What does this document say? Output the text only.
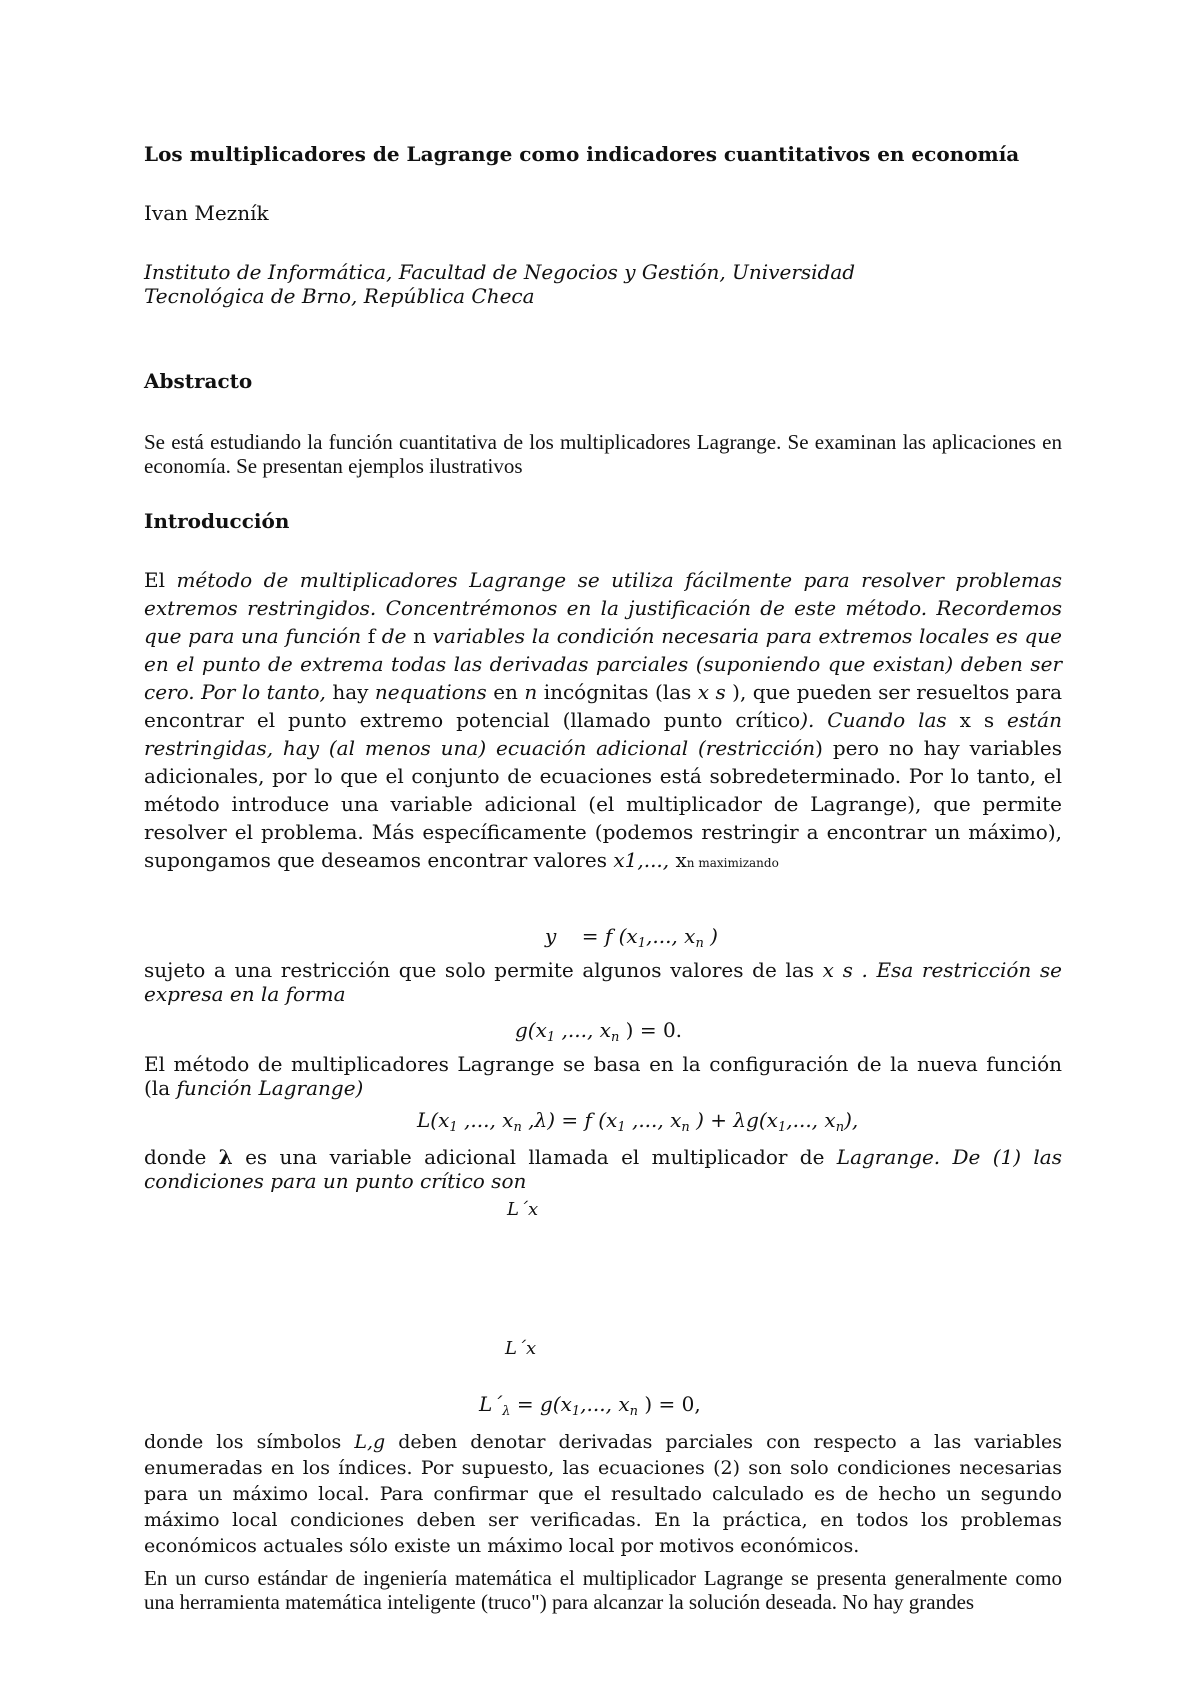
Los multiplicadores de Lagrange como indicadores cuantitativos en economía
Ivan Mezník
Instituto de Informática, Facultad de Negocios y Gestión, Universidad
Tecnológica de Brno, República Checa
Abstracto
Se está estudiando la función cuantitativa de los multiplicadores Lagrange. Se examinan las aplicaciones en economía. Se presentan ejemplos ilustrativos
Introducción
El método de multiplicadores Lagrange se utiliza fácilmente para resolver problemas extremos restringidos. Concentrémonos en la justificación de este método. Recordemos que para una función f de n variables la condición necesaria para extremos locales es que en el punto de extrema todas las derivadas parciales (suponiendo que existan) deben ser cero. Por lo tanto, hay nequations en n incógnitas (las x s ), que pueden ser resueltos para encontrar el punto extremo potencial (llamado punto crítico). Cuando las x s están restringidas, hay (al menos una) ecuación adicional (restricción) pero no hay variables adicionales, por lo que el conjunto de ecuaciones está sobredeterminado. Por lo tanto, el método introduce una variable adicional (el multiplicador de Lagrange), que permite resolver el problema. Más específicamente (podemos restringir a encontrar un máximo), supongamos que deseamos encontrar valores x1,..., xn maximizando
y = f ($x_1$,..., $x_n$ )
sujeto a una restricción que solo permite algunos valores de las x s . Esa restricción se expresa en la forma
$g(x_1$ ,..., $x_n$ ) = 0.
El método de multiplicadores Lagrange se basa en la configuración de la nueva función (la función Lagrange)
$L(x_1$ ,..., $x_n$ ,λ) = f ($x_1$ ,..., $x_n$ ) + $\lambda g(x_1$,..., $x_n$),
donde λ es una variable adicional llamada el multiplicador de Lagrange. De (1) las condiciones para un punto crítico son
L´x
L´x
$L´_\lambda = g(x_1$,..., $x_n$ ) = 0,
donde los símbolos L,g deben denotar derivadas parciales con respecto a las variables enumeradas en los índices. Por supuesto, las ecuaciones (2) son solo condiciones necesarias para un máximo local. Para confirmar que el resultado calculado es de hecho un segundo máximo local condiciones deben ser verificadas. En la práctica, en todos los problemas económicos actuales sólo existe un máximo local por motivos económicos.
En un curso estándar de ingeniería matemática el multiplicador Lagrange se presenta generalmente como una herramienta matemática inteligente (truco") para alcanzar la solución deseada. No hay grandes
